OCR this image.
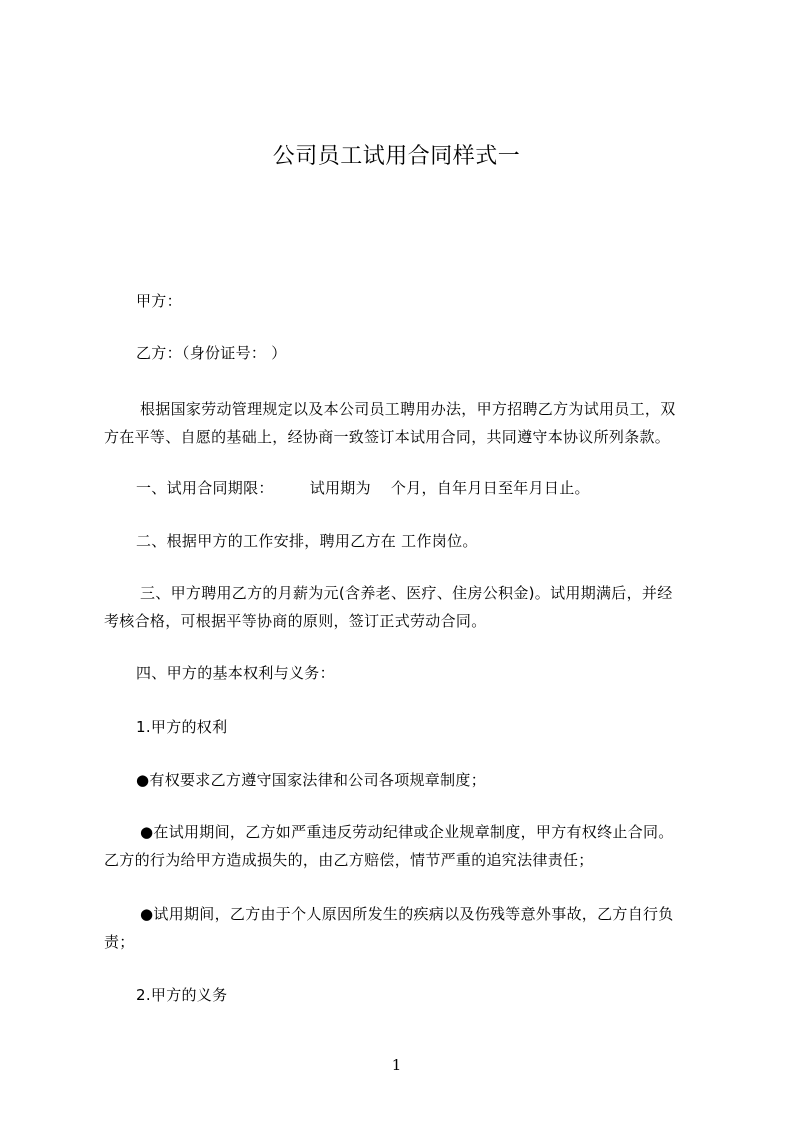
公司员工试用合同样式一
甲方：
乙方：（身份证号： ）
根据国家劳动管理规定以及本公司员工聘用办法，甲方招聘乙方为试用员工，双
方在平等、自愿的基础上，经协商一致签订本试用合同，共同遵守本协议所列条款。
一、试用合同期限： 试用期为 个月，自年月日至年月日止。
二、根据甲方的工作安排，聘用乙方在 工作岗位。
三、甲方聘用乙方的月薪为元(含养老、医疗、住房公积金)。试用期满后，并经
考核合格，可根据平等协商的原则，签订正式劳动合同。
四、甲方的基本权利与义务：
1.甲方的权利
●有权要求乙方遵守国家法律和公司各项规章制度；
●在试用期间，乙方如严重违反劳动纪律或企业规章制度，甲方有权终止合同。
乙方的行为给甲方造成损失的，由乙方赔偿，情节严重的追究法律责任；
●试用期间，乙方由于个人原因所发生的疾病以及伤残等意外事故，乙方自行负
责；
2.甲方的义务
1
